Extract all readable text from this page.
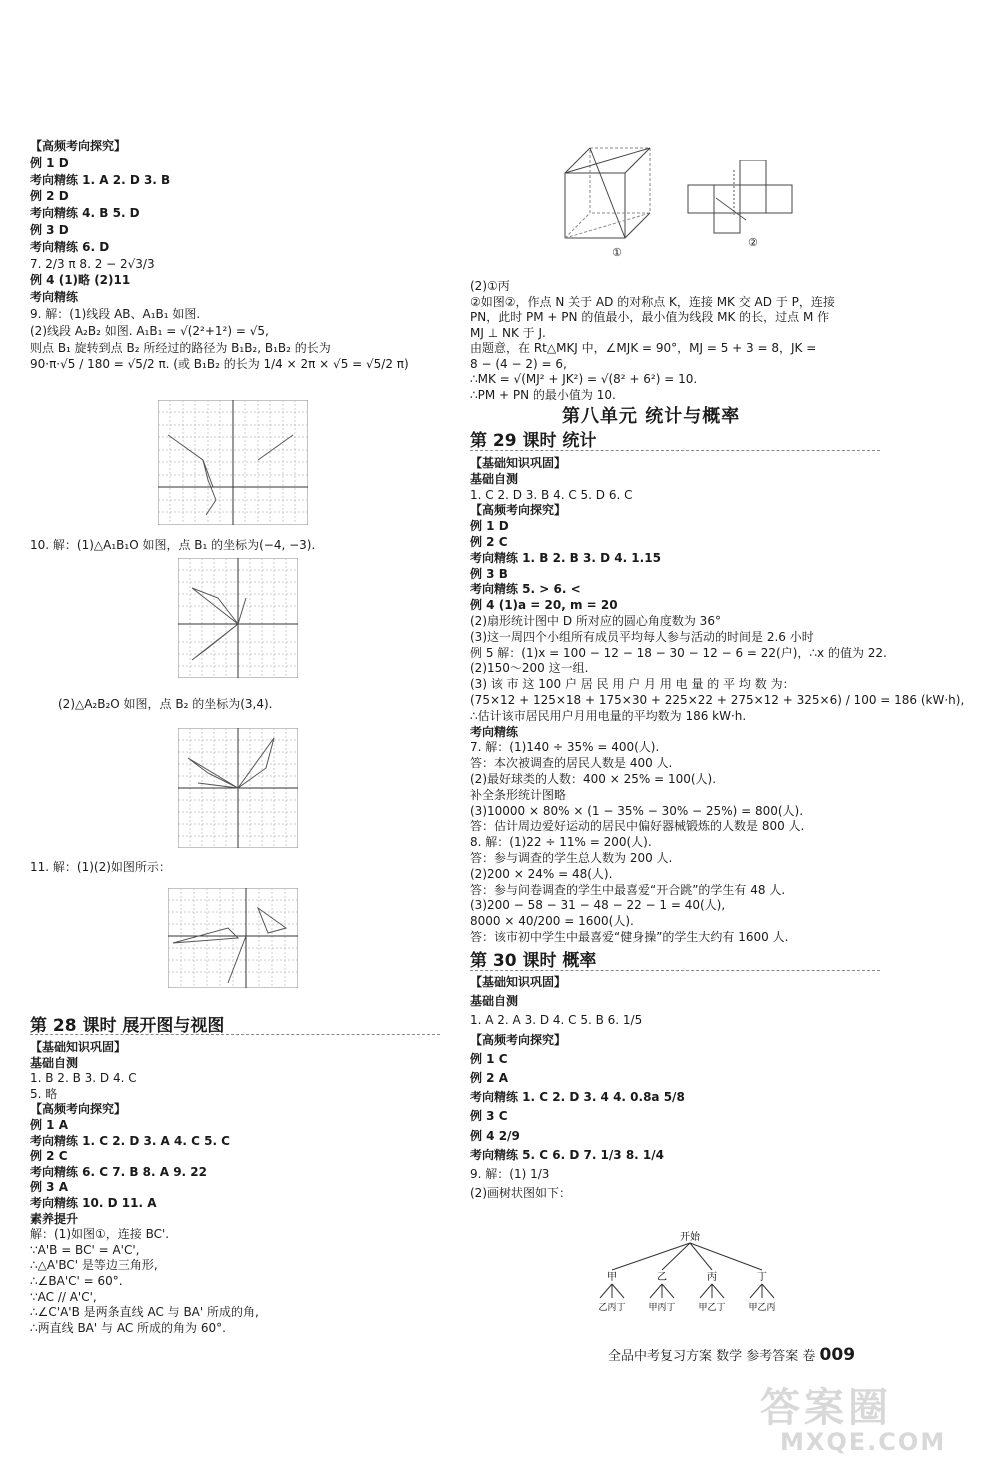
【高频考向探究】
例 1 D
考向精练 1. A 2. D 3. B
例 2 D
考向精练 4. B 5. D
例 3 D
考向精练 6. D
7. 2/3 π 8. 2 − 2√3/3
例 4 (1)略 (2)11
考向精练
9. 解：(1)线段 AB、A₁B₁ 如图.
(2)线段 A₂B₂ 如图. A₁B₁ = √(2²+1²) = √5,
则点 B₁ 旋转到点 B₂ 所经过的路径为 B₁B₂, B₁B₂ 的长为
90·π·√5 / 180 = √5/2 π. (或 B₁B₂ 的长为 1/4 × 2π × √5 = √5/2 π)
10. 解：(1)△A₁B₁O 如图，点 B₁ 的坐标为(−4, −3).
(2)△A₂B₂O 如图，点 B₂ 的坐标为(3,4).
11. 解：(1)(2)如图所示：
第 28 课时 展开图与视图
【基础知识巩固】
基础自测
1. B 2. B 3. D 4. C
5. 略
【高频考向探究】
例 1 A
考向精练 1. C 2. D 3. A 4. C 5. C
例 2 C
考向精练 6. C 7. B 8. A 9. 22
例 3 A
考向精练 10. D 11. A
素养提升
解：(1)如图①，连接 BC'.
∵A'B = BC' = A'C',
∴△A'BC' 是等边三角形,
∴∠BA'C' = 60°.
∵AC // A'C',
∴∠C'A'B 是两条直线 AC 与 BA' 所成的角,
∴两直线 BA' 与 AC 所成的角为 60°.
①
②
(2)①丙
②如图②，作点 N 关于 AD 的对称点 K，连接 MK 交 AD 于 P，连接
PN，此时 PM + PN 的值最小，最小值为线段 MK 的长，过点 M 作
MJ ⊥ NK 于 J.
由题意，在 Rt△MKJ 中，∠MJK = 90°，MJ = 5 + 3 = 8，JK =
8 − (4 − 2) = 6,
∴MK = √(MJ² + JK²) = √(8² + 6²) = 10.
∴PM + PN 的最小值为 10.
第八单元 统计与概率
第 29 课时 统计
【基础知识巩固】
基础自测
1. C 2. D 3. B 4. C 5. D 6. C
【高频考向探究】
例 1 D
例 2 C
考向精练 1. B 2. B 3. D 4. 1.15
例 3 B
考向精练 5. > 6. <
例 4 (1)a = 20, m = 20
(2)扇形统计图中 D 所对应的圆心角度数为 36°
(3)这一周四个小组所有成员平均每人参与活动的时间是 2.6 小时
例 5 解：(1)x = 100 − 12 − 18 − 30 − 12 − 6 = 22(户)，∴x 的值为 22.
(2)150～200 这一组.
(3) 该 市 这 100 户 居 民 用 户 月 用 电 量 的 平 均 数 为：
(75×12 + 125×18 + 175×30 + 225×22 + 275×12 + 325×6) / 100 = 186 (kW·h),
∴估计该市居民用户月用电量的平均数为 186 kW·h.
考向精练
7. 解：(1)140 ÷ 35% = 400(人).
答：本次被调查的居民人数是 400 人.
(2)最好球类的人数：400 × 25% = 100(人).
补全条形统计图略
(3)10000 × 80% × (1 − 35% − 30% − 25%) = 800(人).
答：估计周边爱好运动的居民中偏好器械锻炼的人数是 800 人.
8. 解：(1)22 ÷ 11% = 200(人).
答：参与调查的学生总人数为 200 人.
(2)200 × 24% = 48(人).
答：参与问卷调查的学生中最喜爱“开合跳”的学生有 48 人.
(3)200 − 58 − 31 − 48 − 22 − 1 = 40(人),
8000 × 40/200 = 1600(人).
答：该市初中学生中最喜爱“健身操”的学生大约有 1600 人.
第 30 课时 概率
【基础知识巩固】
基础自测
1. A 2. A 3. D 4. C 5. B 6. 1/5
【高频考向探究】
例 1 C
例 2 A
考向精练 1. C 2. D 3. 4 4. 0.8a 5/8
例 3 C
例 4 2/9
考向精练 5. C 6. D 7. 1/3 8. 1/4
9. 解：(1) 1/3
(2)画树状图如下：
开始
甲
乙丙丁
乙
甲丙丁
丙
甲乙丁
丁
甲乙丙
全品中考复习方案 数学 参考答案 卷 009
答案圈
MXQE.COM
